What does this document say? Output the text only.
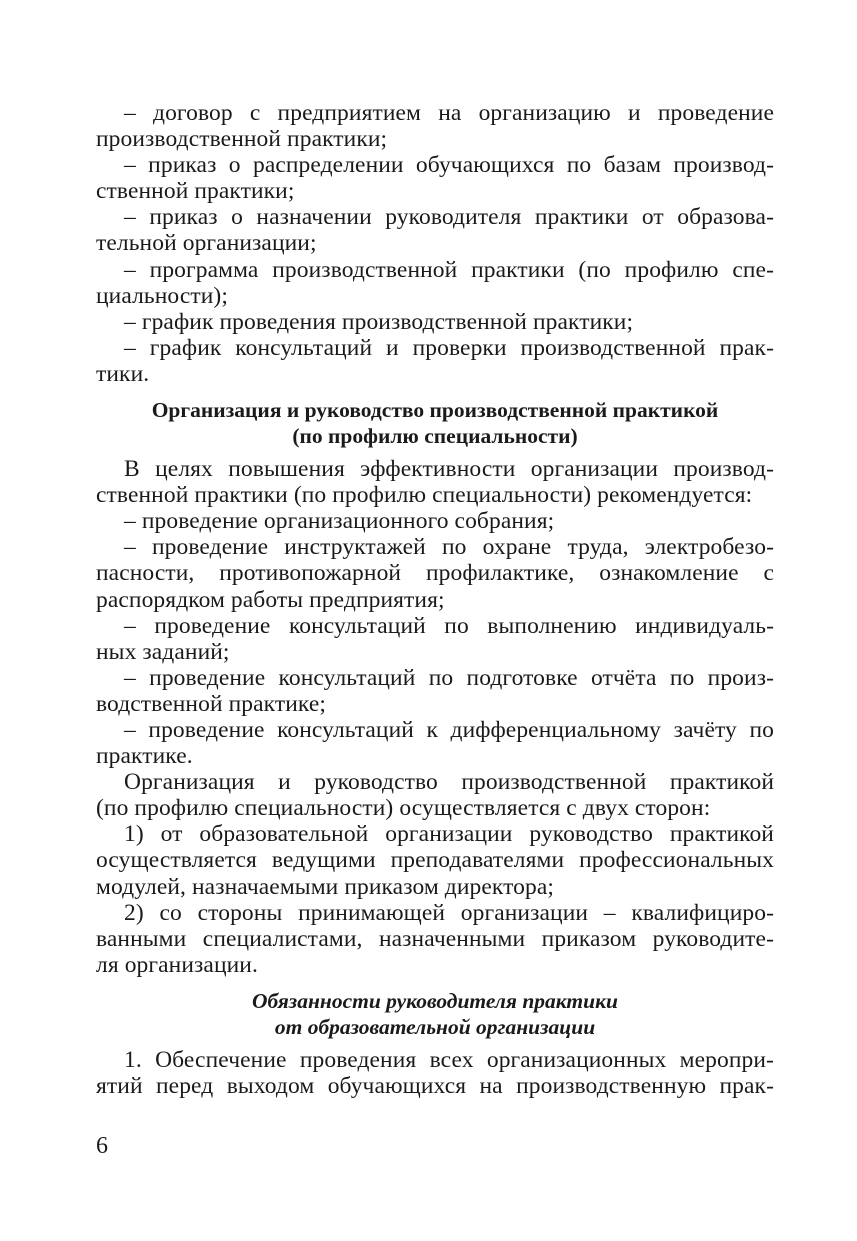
– договор с предприятием на организацию и проведение
производственной практики;
– приказ о распределении обучающихся по базам производ-
ственной практики;
– приказ о назначении руководителя практики от образова-
тельной организации;
– программа производственной практики (по профилю спе-
циальности);
– график проведения производственной практики;
– график консультаций и проверки производственной прак-
тики.
Организация и руководство производственной практикой
(по профилю специальности)
В целях повышения эффективности организации производ-
ственной практики (по профилю специальности) рекомендуется:
– проведение организационного собрания;
– проведение инструктажей по охране труда, электробезо-
пасности, противопожарной профилактике, ознакомление с
распорядком работы предприятия;
– проведение консультаций по выполнению индивидуаль-
ных заданий;
– проведение консультаций по подготовке отчёта по произ-
водственной практике;
– проведение консультаций к дифференциальному зачёту по
практике.
Организация и руководство производственной практикой
(по профилю специальности) осуществляется с двух сторон:
1) от образовательной организации руководство практикой
осуществляется ведущими преподавателями профессиональных
модулей, назначаемыми приказом директора;
2) со стороны принимающей организации – квалифициро-
ванными специалистами, назначенными приказом руководите-
ля организации.
Обязанности руководителя практики
от образовательной организации
1. Обеспечение проведения всех организационных меропри-
ятий перед выходом обучающихся на производственную прак-
6
